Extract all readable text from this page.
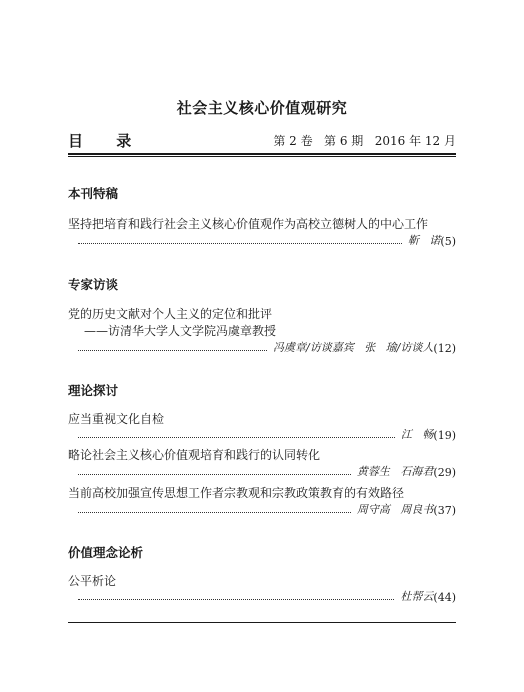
社会主义核心价值观研究
目 录	第 2 卷   第 6 期   2016 年 12 月
本刊特稿
坚持把培育和践行社会主义核心价值观作为高校立德树人的中心工作
靳   诺 (5)
专家访谈
党的历史文献对个人主义的定位和批评
——访清华大学人文学院冯虞章教授
冯虞章/访谈嘉宾   张   瑜/访谈人 (12)
理论探讨
应当重视文化自检
江   畅 (19)
略论社会主义核心价值观培育和践行的认同转化
黄蓉生   石海君 (29)
当前高校加强宣传思想工作者宗教观和宗教政策教育的有效路径
周守高   周良书 (37)
价值理念论析
公平析论
杜帮云 (44)
